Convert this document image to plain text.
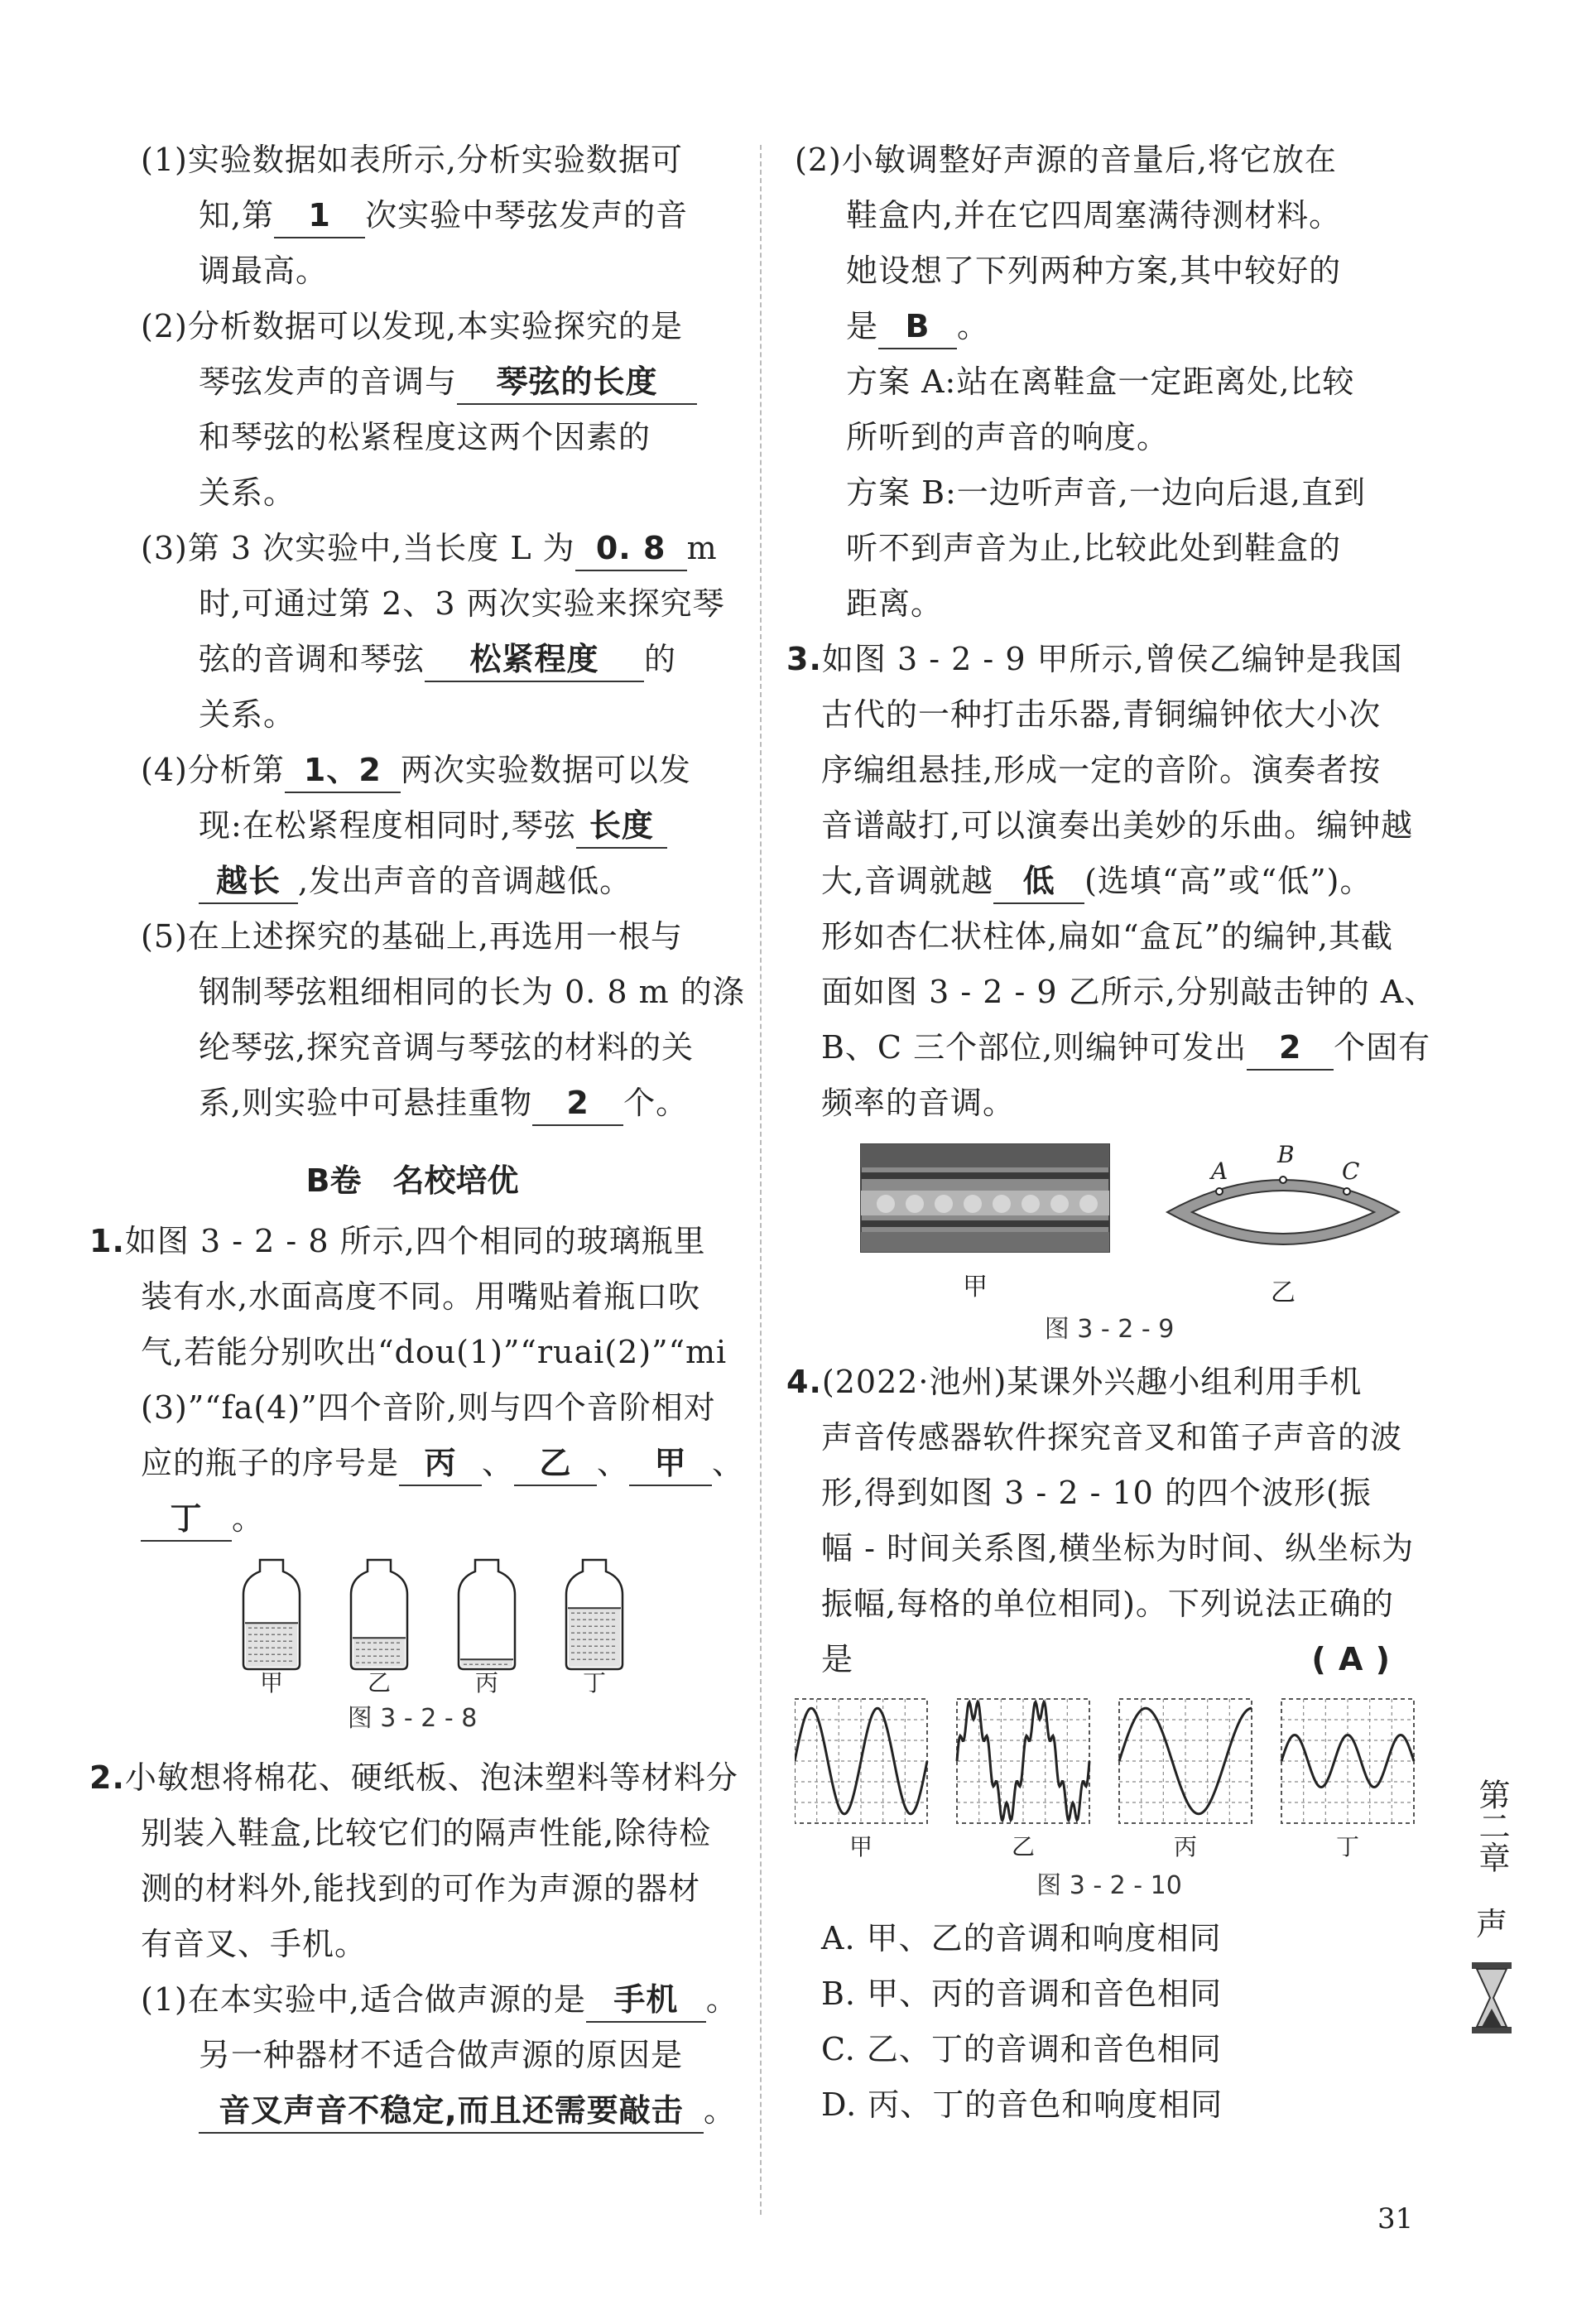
(1)实验数据如表所示,分析实验数据可
知,第 1 次实验中琴弦发声的音
调最高。
(2)分析数据可以发现,本实验探究的是
琴弦发声的音调与 琴弦的长度
和琴弦的松紧程度这两个因素的
关系。
(3)第 3 次实验中,当长度 L 为 0. 8 m
时,可通过第 2、3 两次实验来探究琴
弦的音调和琴弦 松紧程度 的
关系。
(4)分析第 1、2 两次实验数据可以发
现:在松紧程度相同时,琴弦 长度
越长 ,发出声音的音调越低。
(5)在上述探究的基础上,再选用一根与
钢制琴弦粗细相同的长为 0. 8 m 的涤
纶琴弦,探究音调与琴弦的材料的关
系,则实验中可悬挂重物 2 个。
B卷　名校培优
1.如图 3 - 2 - 8 所示,四个相同的玻璃瓶里
装有水,水面高度不同。用嘴贴着瓶口吹
气,若能分别吹出“dou(1)”“ruai(2)”“mi
(3)”“fa(4)”四个音阶,则与四个音阶相对
应的瓶子的序号是 丙 、 乙 、 甲 、
丁 。
甲	乙	丙	丁
图 3 - 2 - 8
2.小敏想将棉花、硬纸板、泡沫塑料等材料分
别装入鞋盒,比较它们的隔声性能,除待检
测的材料外,能找到的可作为声源的器材
有音叉、手机。
(1)在本实验中,适合做声源的是 手机 。
另一种器材不适合做声源的原因是
音叉声音不稳定,而且还需要敲击 。
(2)小敏调整好声源的音量后,将它放在
鞋盒内,并在它四周塞满待测材料。
她设想了下列两种方案,其中较好的
是 B 。
方案 A:站在离鞋盒一定距离处,比较
所听到的声音的响度。
方案 B:一边听声音,一边向后退,直到
听不到声音为止,比较此处到鞋盒的
距离。
3.如图 3 - 2 - 9 甲所示,曾侯乙编钟是我国
古代的一种打击乐器,青铜编钟依大小次
序编组悬挂,形成一定的音阶。演奏者按
音谱敲打,可以演奏出美妙的乐曲。编钟越
大,音调就越 低 (选填“高”或“低”)。
形如杏仁状柱体,扁如“盒瓦”的编钟,其截
面如图 3 - 2 - 9 乙所示,分别敲击钟的 A、
B、C 三个部位,则编钟可发出 2 个固有
频率的音调。
甲
A
B
C
乙
图 3 - 2 - 9
4.(2022·池州)某课外兴趣小组利用手机
声音传感器软件探究音叉和笛子声音的波
形,得到如图 3 - 2 - 10 的四个波形(振
幅 - 时间关系图,横坐标为时间、纵坐标为
振幅,每格的单位相同)。下列说法正确的
是	( A )
甲	乙	丙	丁
图 3 - 2 - 10
A. 甲、乙的音调和响度相同
B. 甲、丙的音调和音色相同
C. 乙、丁的音调和音色相同
D. 丙、丁的音色和响度相同
第二章
声
31
